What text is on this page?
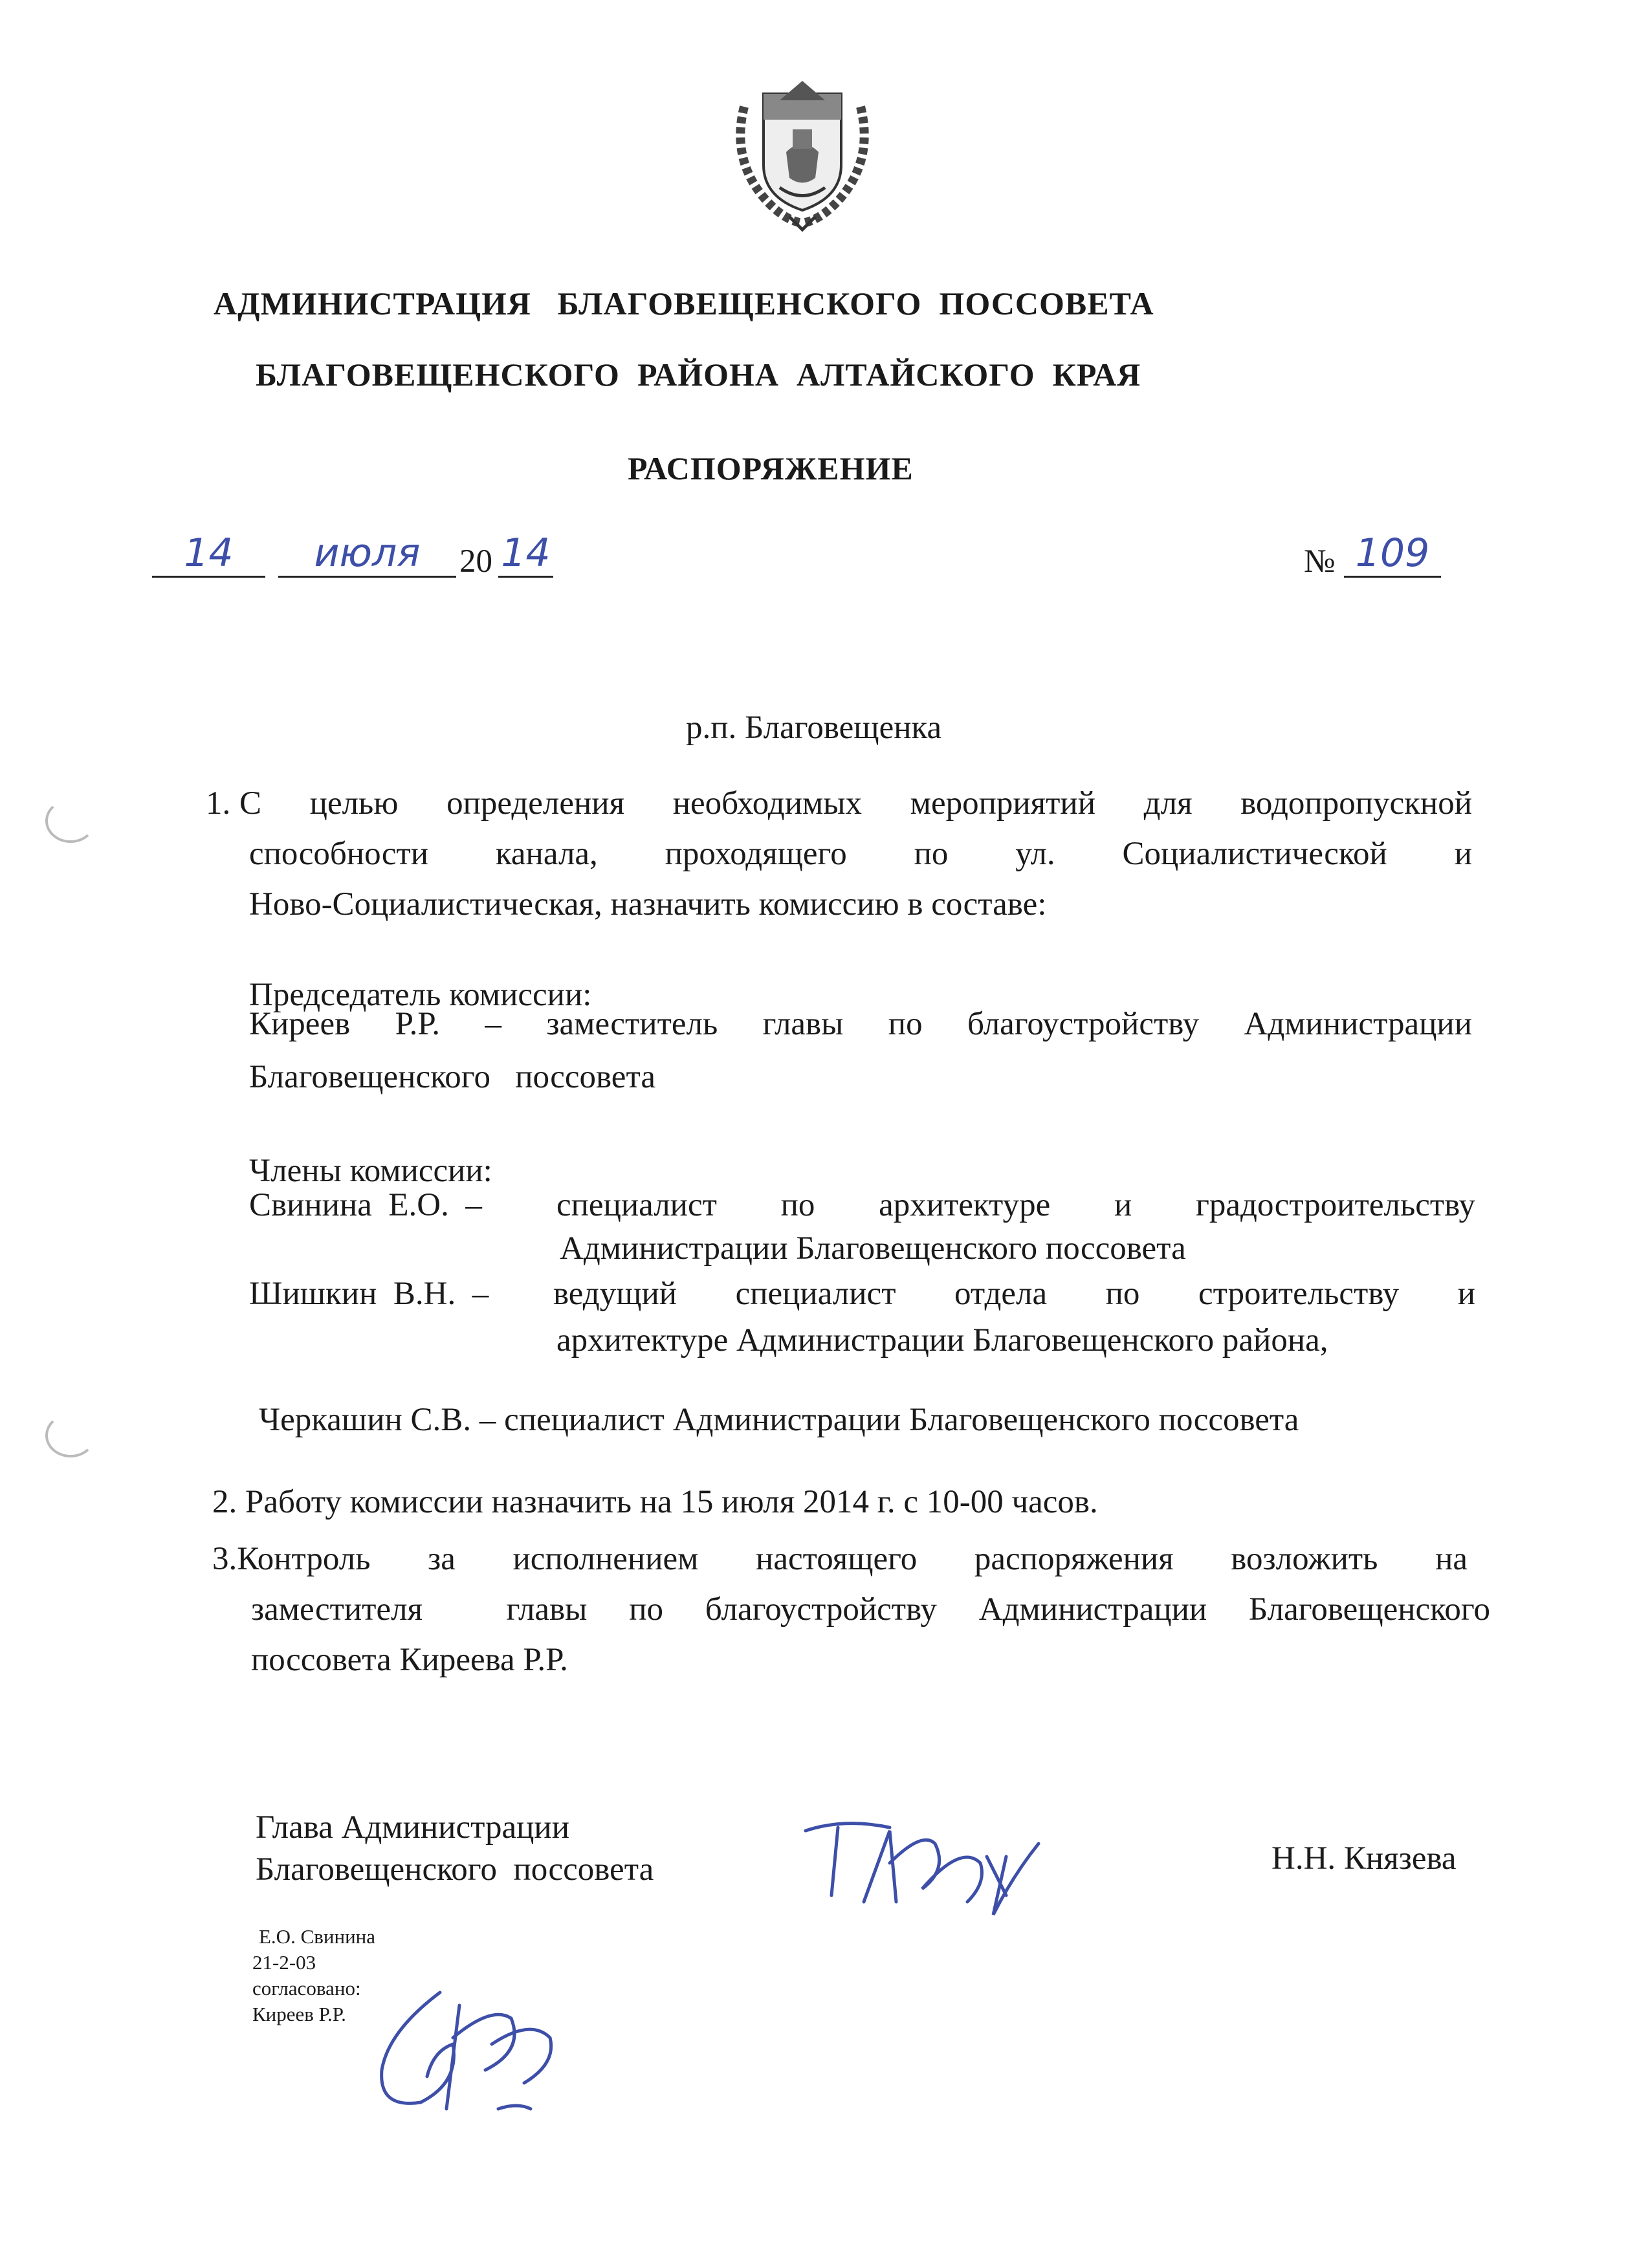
АДМИНИСТРАЦИЯ   БЛАГОВЕЩЕНСКОГО  ПОССОВЕТА
БЛАГОВЕЩЕНСКОГО  РАЙОНА  АЛТАЙСКОГО  КРАЯ
РАСПОРЯЖЕНИЕ
14	июля	20 14	№ 109
р.п. Благовещенка
1. С целью определения необходимых мероприятий для водопропускной
способности канала, проходящего по ул. Социалистической и
Ново-Социалистическая, назначить комиссию в составе:
Председатель комиссии:
Киреев Р.Р. – заместитель главы по благоустройству Администрации
Благовещенского   поссовета
Члены комиссии:
Свинина  Е.О.  – специалист по архитектуре и градостроительству
Администрации Благовещенского поссовета
Шишкин  В.Н.  – ведущий специалист отдела по строительству и
архитектуре Администрации Благовещенского района,
Черкашин С.В. – специалист Администрации Благовещенского поссовета
2. Работу комиссии назначить на 15 июля 2014 г. с 10-00 часов.
3.Контроль за исполнением настоящего распоряжения возложить на
заместителя  главы по благоустройству Администрации Благовещенского
поссовета Киреева Р.Р.
Глава Администрации
Благовещенского  поссовета	Н.Н. Князева
Е.О. Свинина
21-2-03
согласовано:
Киреев Р.Р.
